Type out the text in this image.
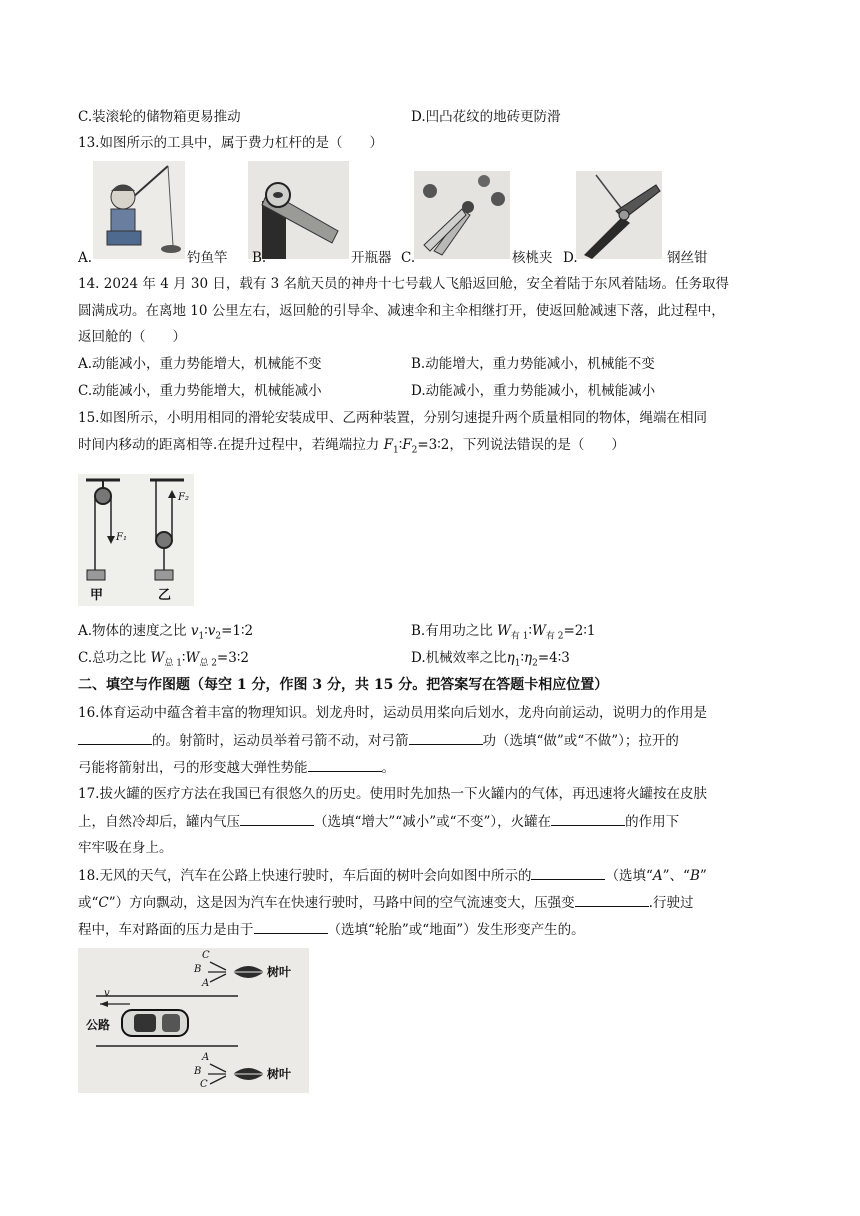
C.装滚轮的储物箱更易推动	D.凹凸花纹的地砖更防滑
13.如图所示的工具中，属于费力杠杆的是（　　）
A.	钓鱼竿 B.	开瓶器 C.	核桃夹 D.	钢丝钳
14. 2024 年 4 月 30 日，载有 3 名航天员的神舟十七号载人飞船返回舱，安全着陆于东风着陆场。任务取得
圆满成功。在离地 10 公里左右，返回舱的引导伞、减速伞和主伞相继打开，使返回舱减速下落，此过程中，
返回舱的（　　）
A.动能减小，重力势能增大，机械能不变	B.动能增大，重力势能减小，机械能不变
C.动能减小，重力势能增大，机械能减小	D.动能减小，重力势能减小，机械能减小
15.如图所示，小明用相同的滑轮安装成甲、乙两种装置，分别匀速提升两个质量相同的物体，绳端在相同
时间内移动的距离相等.在提升过程中，若绳端拉力 $F_1∶F_2=3∶2$，下列说法错误的是（　　）
F₁
F₂
甲	乙
A.物体的速度之比 $v_1∶v_2=1∶2$	B.有用功之比 $W_{有 1}∶W_{有 2}=2∶1$
C.总功之比 $W_{总 1}∶W_{总 2}=3∶2$	D.机械效率之比$\eta_1∶\eta_2=4∶3$
二、填空与作图题（每空 1 分，作图 3 分，共 15 分。把答案写在答题卡相应位置）
16.体育运动中蕴含着丰富的物理知识。划龙舟时，运动员用桨向后划水，龙舟向前运动，说明力的作用是
的。射箭时，运动员举着弓箭不动，对弓箭	功（选填“做”或“不做”）；拉开的
弓能将箭射出，弓的形变越大弹性势能	。
17.拔火罐的医疗方法在我国已有很悠久的历史。使用时先加热一下火罐内的气体，再迅速将火罐按在皮肤
上，自然冷却后，罐内气压	（选填“增大”“减小”或“不变”），火罐在	的作用下
牢牢吸在身上。
18.无风的天气，汽车在公路上快速行驶时，车后面的树叶会向如图中所示的	（选填“A”、“B”
或“C”）方向飘动，这是因为汽车在快速行驶时，马路中间的空气流速变大，压强变	.行驶过
程中，车对路面的压力是由于	（选填“轮胎”或“地面”）发生形变产生的。
树叶
树叶
公路
v
C
B
A
A
B
C
